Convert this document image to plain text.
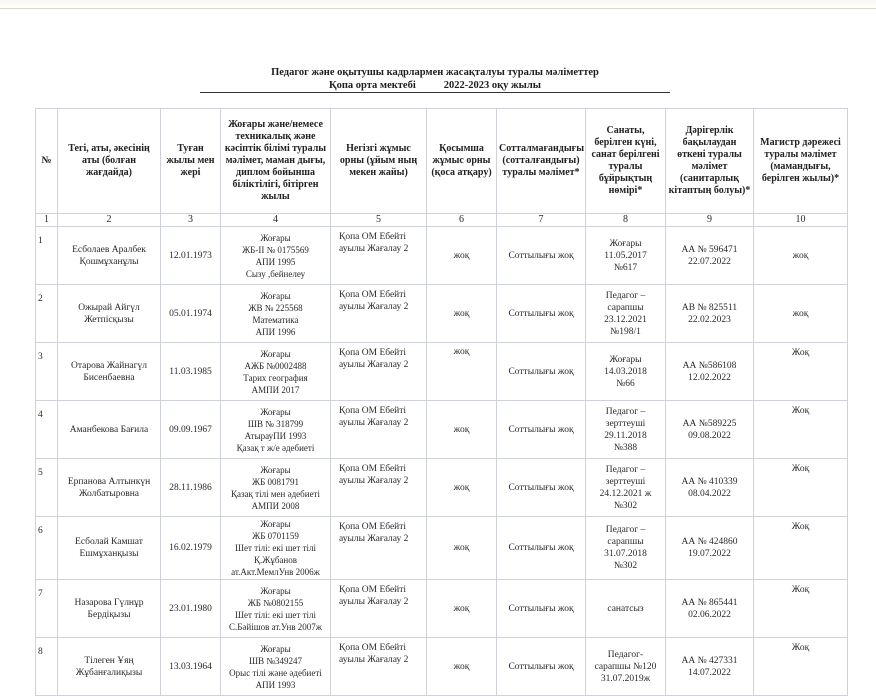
Педагог және оқытушы кадрлармен жасақталуы туралы мәліметтер
Қопа орта мектебі	2022-2023 оқу жылы
№	Тегі, аты, әкесінің аты (болған жағдайда)	Туған жылы мен жері	Жоғары және/немесе техникалық және кәсіптік білімі туралы мәлімет, маман дығы, диплом бойынша біліктілігі, бітірген жылы	Негізгі жұмыс орны (ұйым ның мекен жайы)	Қосымша жұмыс орны (қоса атқару)	Сотталмағандығы (сотталғандығы) туралы мәлімет*	Санаты, берілген күні, санат берілгені туралы бұйрықтың нөмірі*	Дәрігерлік бақылаудан өткені туралы мәлімет (санитарлық кітаптың болуы)*	Магистр дәрежесі туралы мәлімет (мамандығы, берілген жылы)*
1	2	3	4	5	6	7	8	9	10
1	Есболаев Аралбек
Қошмұханұлы	12.01.1973	Жоғары
ЖБ-ІІ № 0175569
АПИ 1995
Сызу ,бейнелеу	Қопа ОМ Ебейті
ауылы Жағалау 2	жоқ	Соттылығы жоқ	Жоғары
11.05.2017
№617	АА № 596471
22.07.2022	жоқ
2	Ожырай Айгүл
Жетпісқызы	05.01.1974	Жоғары
ЖВ № 225568
Математика
АПИ 1996	Қопа ОМ Ебейті
ауылы Жағалау 2	жоқ	Соттылығы жоқ	Педагог –
сарапшы
23.12.2021
№198/1	АВ № 825511
22.02.2023	жоқ
3	Отарова Жайнагүл
Бисенбаевна	11.03.1985	Жоғары
АЖБ №0002488
Тарих география
АМПИ 2017	Қопа ОМ Ебейті
ауылы Жағалау 2	жоқ	Соттылығы жоқ	Жоғары
14.03.2018
№66	АА №586108
12.02.2022	Жоқ
4	Аманбекова Бағила	09.09.1967	Жоғары
ШВ № 318799
АтырауПИ 1993
Қазақ т ж/е әдебиеті	Қопа ОМ Ебейті
ауылы Жағалау 2	жоқ	Соттылығы жоқ	Педагог –
зерттеуші
29.11.2018
№388	АА №589225
09.08.2022	Жоқ
5	Ерпанова Алтынкүн
Жолбатыровна	28.11.1986	Жоғары
ЖБ 0081791
Қазақ тілі мен әдебиеті
АМПИ 2008	Қопа ОМ Ебейті
ауылы Жағалау 2	жоқ	Соттылығы жоқ	Педагог –
зерттеуші
24.12.2021 ж
№302	АА № 410339
08.04.2022	Жоқ
6	Есболай Камшат
Ешмұханқызы	16.02.1979	Жоғары
ЖБ 0701159
Шет тілі: екі шет тілі
Қ.Жұбанов
ат.Акт.МемлУнв 2006ж	Қопа ОМ Ебейті
ауылы Жағалау 2	жоқ	Соттылығы жоқ	Педагог –
сарапшы
31.07.2018
№302	АА № 424860
19.07.2022	Жоқ
7	Назарова Гүлнұр
Бердіқызы	23.01.1980	Жоғары
ЖБ №0802155
Шет тілі: екі шет тілі
С.Бәйішов ат.Унв 2007ж	Қопа ОМ Ебейті
ауылы Жағалау 2	жоқ	Соттылығы жоқ	санатсыз	АА № 865441
02.06.2022	Жоқ
8	Тілеген Ұяң
Жұбанғалиқызы	13.03.1964	Жоғары
ШВ №349247
Орыс тілі және әдебиеті
АПИ 1993	Қопа ОМ Ебейті
ауылы Жағалау 2	жоқ	Соттылығы жоқ	Педагог-
сарапшы №120
31.07.2019ж	АА № 427331
14.07.2022	Жоқ
